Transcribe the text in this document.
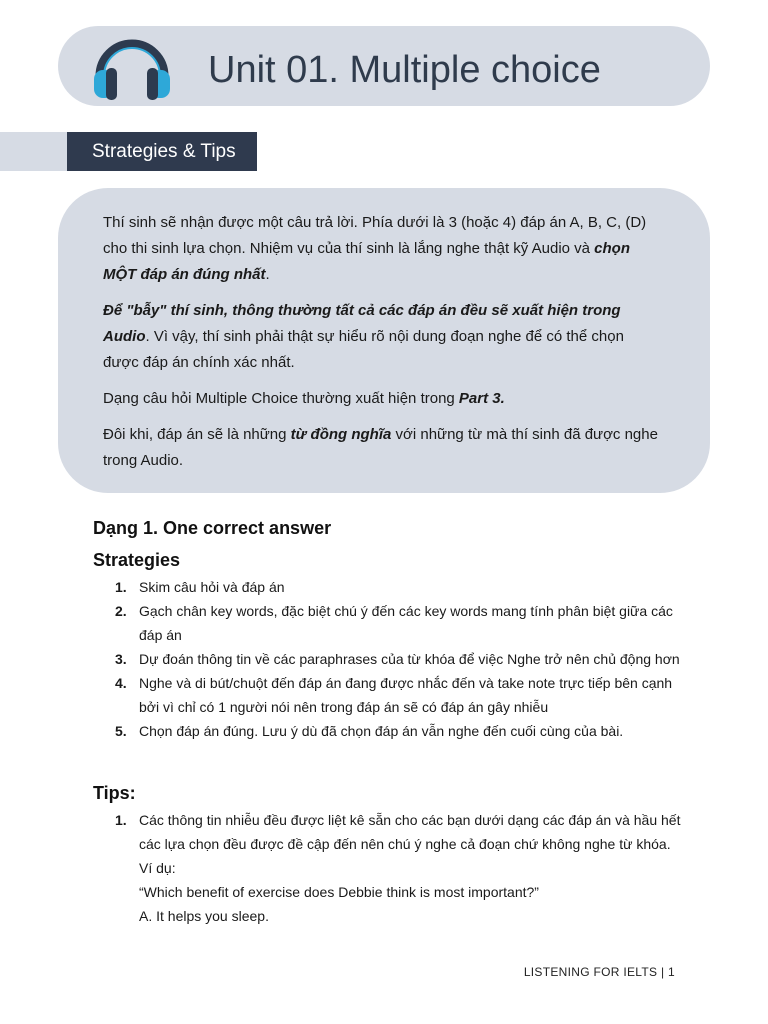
Unit 01. Multiple choice
Strategies & Tips

Thí sinh sẽ nhận được một câu trả lời. Phía dưới là 3 (hoặc 4) đáp án A, B, C, (D) cho thi sinh lựa chọn. Nhiệm vụ của thí sinh là lắng nghe thật kỹ Audio và chọn MỘT đáp án đúng nhất.

Để "bẫy" thí sinh, thông thường tất cả các đáp án đều sẽ xuất hiện trong Audio. Vì vậy, thí sinh phải thật sự hiểu rõ nội dung đoạn nghe để có thể chọn được đáp án chính xác nhất.

Dạng câu hỏi Multiple Choice thường xuất hiện trong Part 3.

Đôi khi, đáp án sẽ là những từ đồng nghĩa với những từ mà thí sinh đã được nghe trong Audio.

Dạng 1. One correct answer
Strategies
1. Skim câu hỏi và đáp án
2. Gạch chân key words, đặc biệt chú ý đến các key words mang tính phân biệt giữa các đáp án
3. Dự đoán thông tin về các paraphrases của từ khóa để việc Nghe trở nên chủ động hơn
4. Nghe và di bút/chuột đến đáp án đang được nhắc đến và take note trực tiếp bên cạnh bởi vì chỉ có 1 người nói nên trong đáp án sẽ có đáp án gây nhiễu
5. Chọn đáp án đúng. Lưu ý dù đã chọn đáp án vẫn nghe đến cuối cùng của bài.
Tips:
1. Các thông tin nhiễu đều được liệt kê sẵn cho các bạn dưới dạng các đáp án và hầu hết các lựa chọn đều được đề cập đến nên chú ý nghe cả đoạn chứ không nghe từ khóa. Ví dụ:
“Which benefit of exercise does Debbie think is most important?”
A. It helps you sleep.
LISTENING FOR IELTS | 1
